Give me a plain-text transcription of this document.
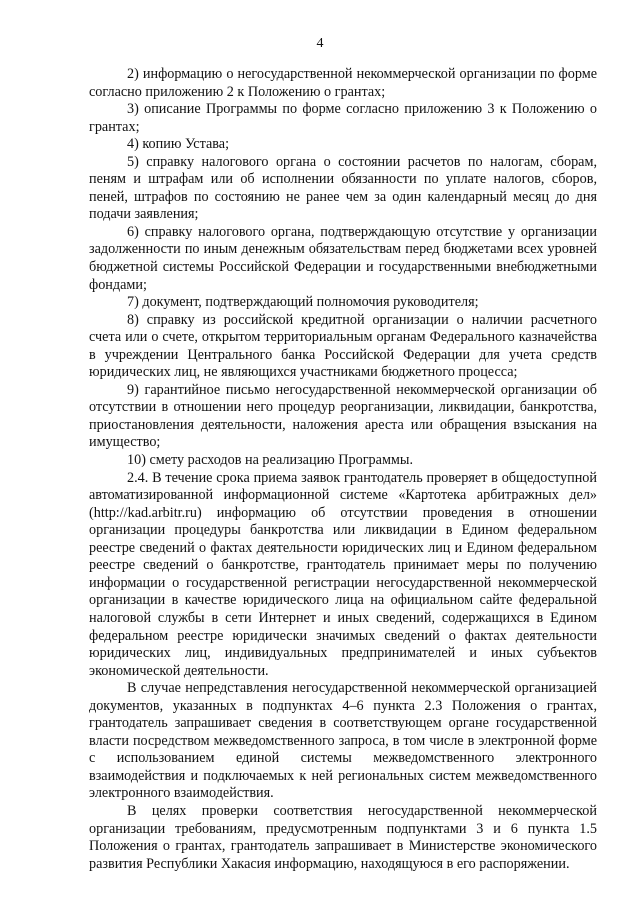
4

2) информацию о негосударственной некоммерческой организации по форме согласно приложению 2 к Положению о грантах;

3) описание Программы по форме согласно приложению 3 к Положению о грантах;

4) копию Устава;

5) справку налогового органа о состоянии расчетов по налогам, сборам, пеням и штрафам или об исполнении обязанности по уплате налогов, сборов, пеней, штрафов по состоянию не ранее чем за один календарный месяц до дня подачи заявления;

6) справку налогового органа, подтверждающую отсутствие у организации задолженности по иным денежным обязательствам перед бюджетами всех уровней бюджетной системы Российской Федерации и государственными внебюджетными фондами;

7) документ, подтверждающий полномочия руководителя;

8) справку из российской кредитной организации о наличии расчетного счета или о счете, открытом территориальным органам Федерального казначейства в учреждении Центрального банка Российской Федерации для учета средств юридических лиц, не являющихся участниками бюджетного процесса;

9) гарантийное письмо негосударственной некоммерческой организации об отсутствии в отношении него процедур реорганизации, ликвидации, банкротства, приостановления деятельности, наложения ареста или обращения взыскания на имущество;

10) смету расходов на реализацию Программы.

2.4. В течение срока приема заявок грантодатель проверяет в общедоступной автоматизированной информационной системе «Картотека арбитражных дел» (http://kad.arbitr.ru) информацию об отсутствии проведения в отношении организации процедуры банкротства или ликвидации в Едином федеральном реестре сведений о фактах деятельности юридических лиц и Едином федеральном реестре сведений о банкротстве, грантодатель принимает меры по получению информации о государственной регистрации негосударственной некоммерческой организации в качестве юридического лица на официальном сайте федеральной налоговой службы в сети Интернет и иных сведений, содержащихся в Едином федеральном реестре юридически значимых сведений о фактах деятельности юридических лиц, индивидуальных предпринимателей и иных субъектов экономической деятельности.

В случае непредставления негосударственной некоммерческой организацией документов, указанных в подпунктах 4–6 пункта 2.3 Положения о грантах, грантодатель запрашивает сведения в соответствующем органе государственной власти посредством межведомственного запроса, в том числе в электронной форме с использованием единой системы межведомственного электронного взаимодействия и подключаемых к ней региональных систем межведомственного электронного взаимодействия.

В целях проверки соответствия негосударственной некоммерческой организации требованиям, предусмотренным подпунктами 3 и 6 пункта 1.5 Положения о грантах, грантодатель запрашивает в Министерстве экономического развития Республики Хакасия информацию, находящуюся в его распоряжении.
